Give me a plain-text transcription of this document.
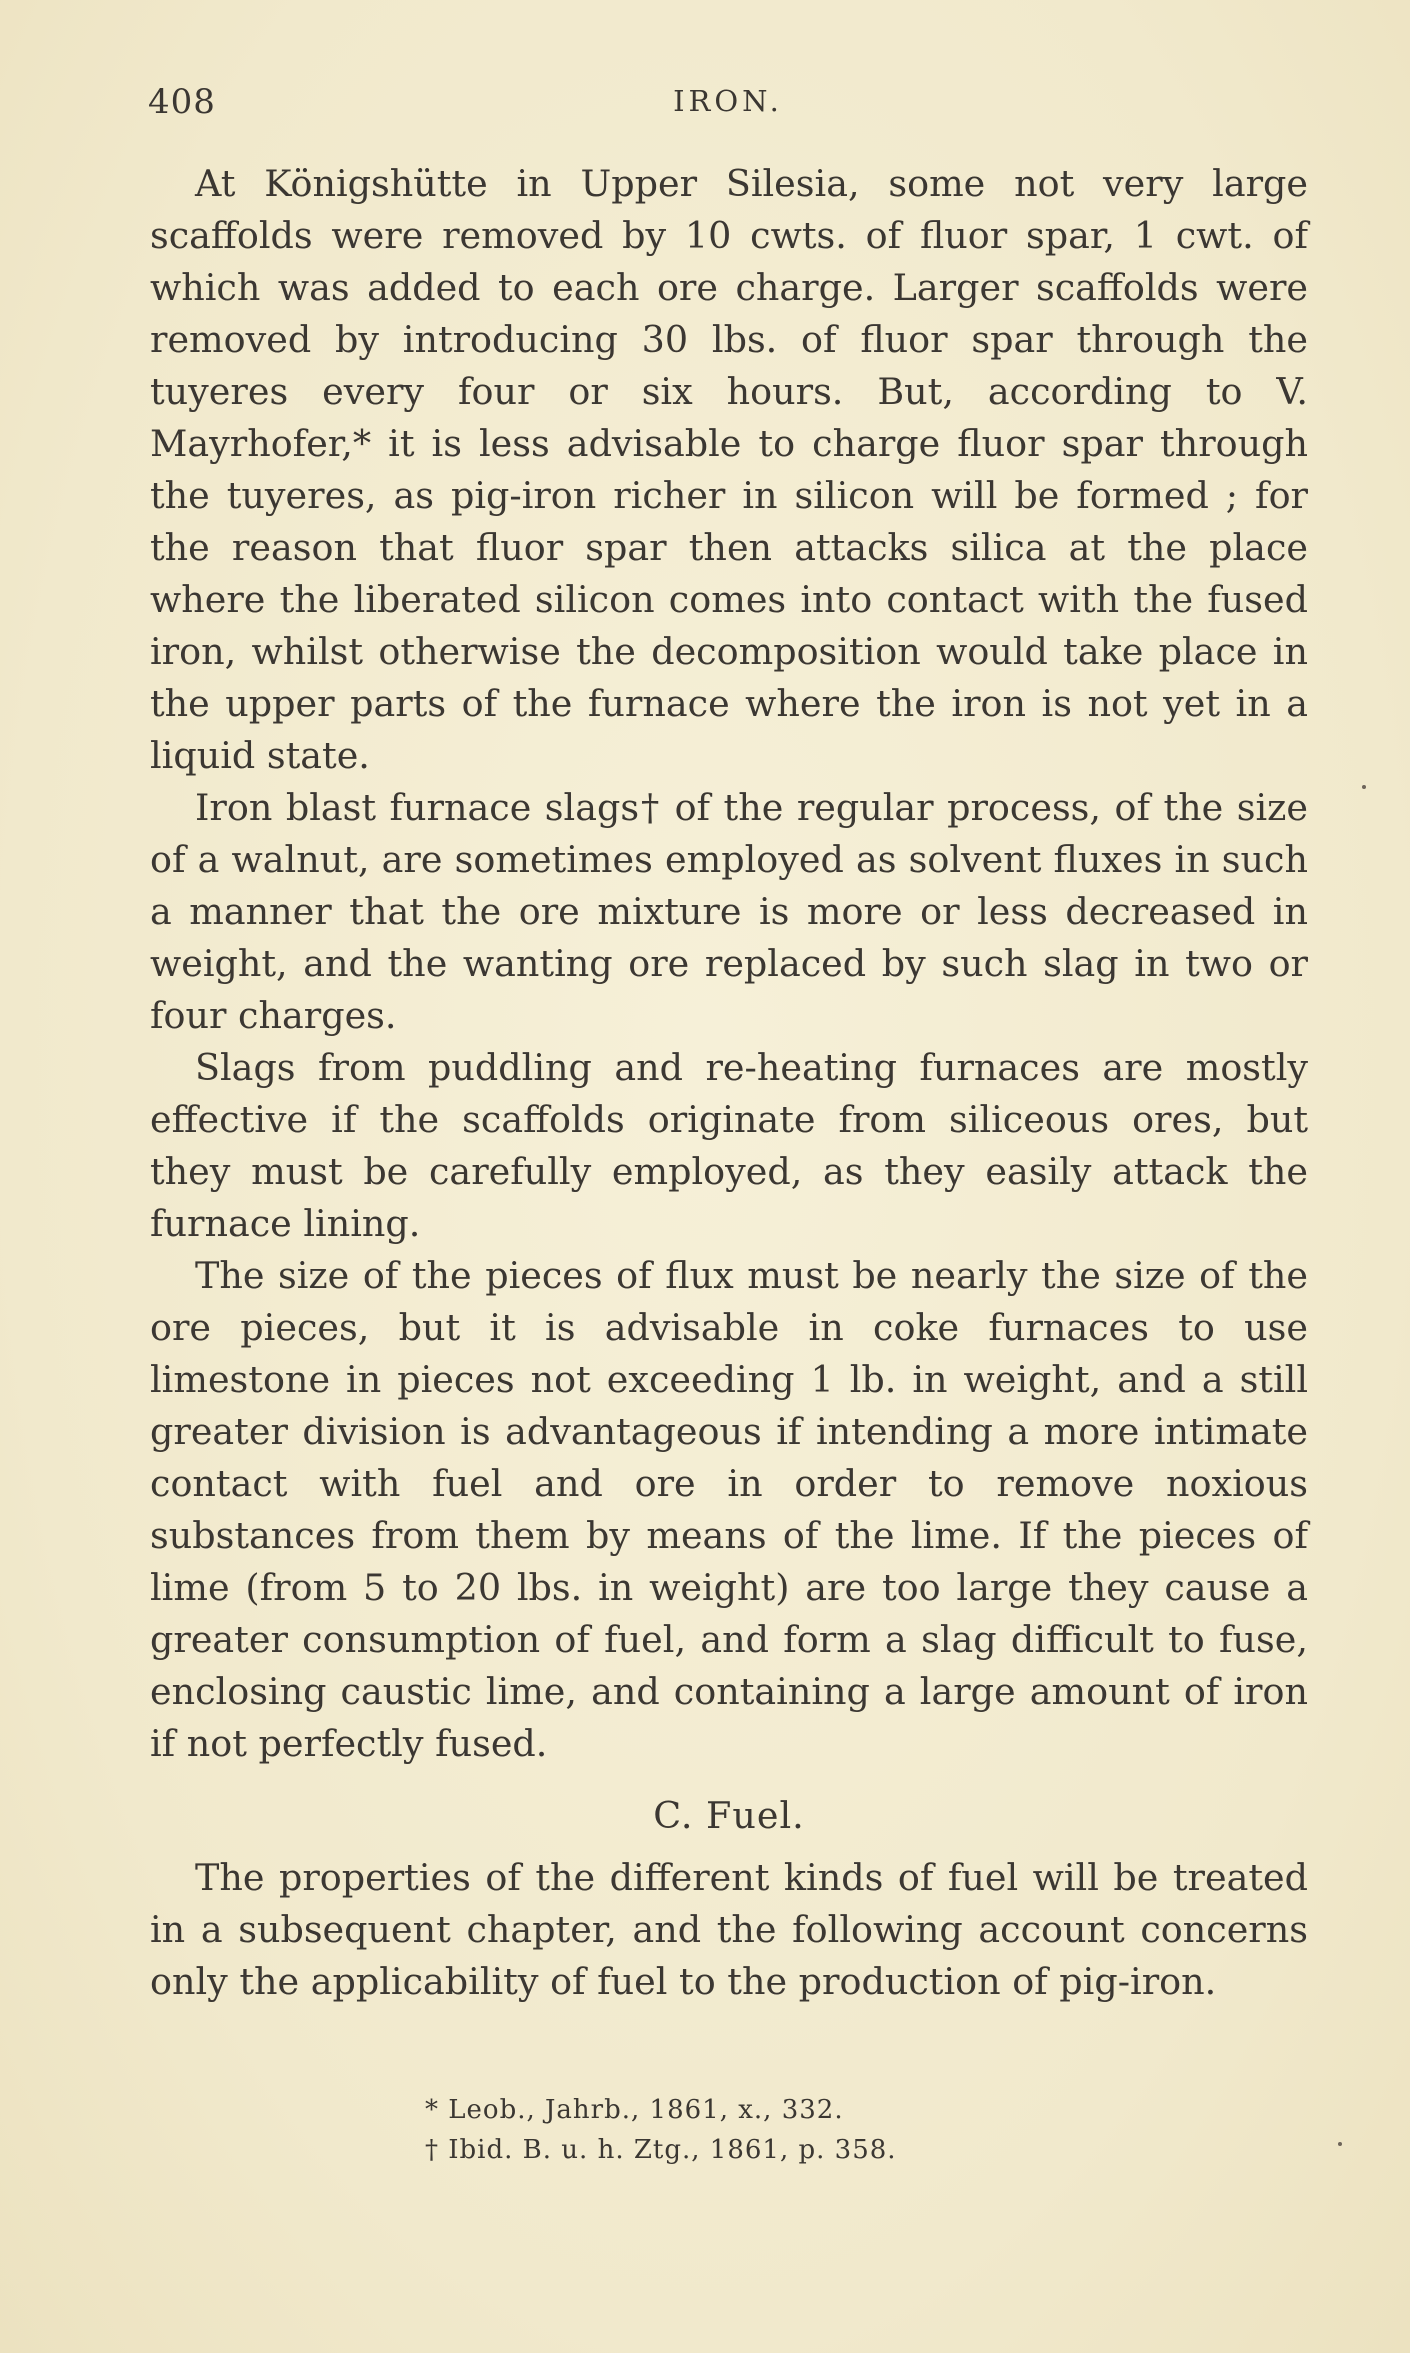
408	IRON.

At Königshütte in Upper Silesia, some not very large scaffolds were removed by 10 cwts. of fluor spar, 1 cwt. of which was added to each ore charge. Larger scaffolds were removed by introducing 30 lbs. of fluor spar through the tuyeres every four or six hours. But, according to V. Mayrhofer,* it is less advisable to charge fluor spar through the tuyeres, as pig-iron richer in silicon will be formed ; for the reason that fluor spar then attacks silica at the place where the liberated silicon comes into contact with the fused iron, whilst otherwise the decomposition would take place in the upper parts of the furnace where the iron is not yet in a liquid state.

Iron blast furnace slags† of the regular process, of the size of a walnut, are sometimes employed as solvent fluxes in such a manner that the ore mixture is more or less decreased in weight, and the wanting ore replaced by such slag in two or four charges.

Slags from puddling and re-heating furnaces are mostly effective if the scaffolds originate from siliceous ores, but they must be carefully employed, as they easily attack the furnace lining.

The size of the pieces of flux must be nearly the size of the ore pieces, but it is advisable in coke furnaces to use limestone in pieces not exceeding 1 lb. in weight, and a still greater division is advantageous if intending a more intimate contact with fuel and ore in order to remove noxious substances from them by means of the lime. If the pieces of lime (from 5 to 20 lbs. in weight) are too large they cause a greater consumption of fuel, and form a slag difficult to fuse, enclosing caustic lime, and containing a large amount of iron if not perfectly fused.

C. Fuel.

The properties of the different kinds of fuel will be treated in a subsequent chapter, and the following account concerns only the applicability of fuel to the production of pig-iron.

* Leob., Jahrb., 1861, x., 332.

† Ibid. B. u. h. Ztg., 1861, p. 358.
